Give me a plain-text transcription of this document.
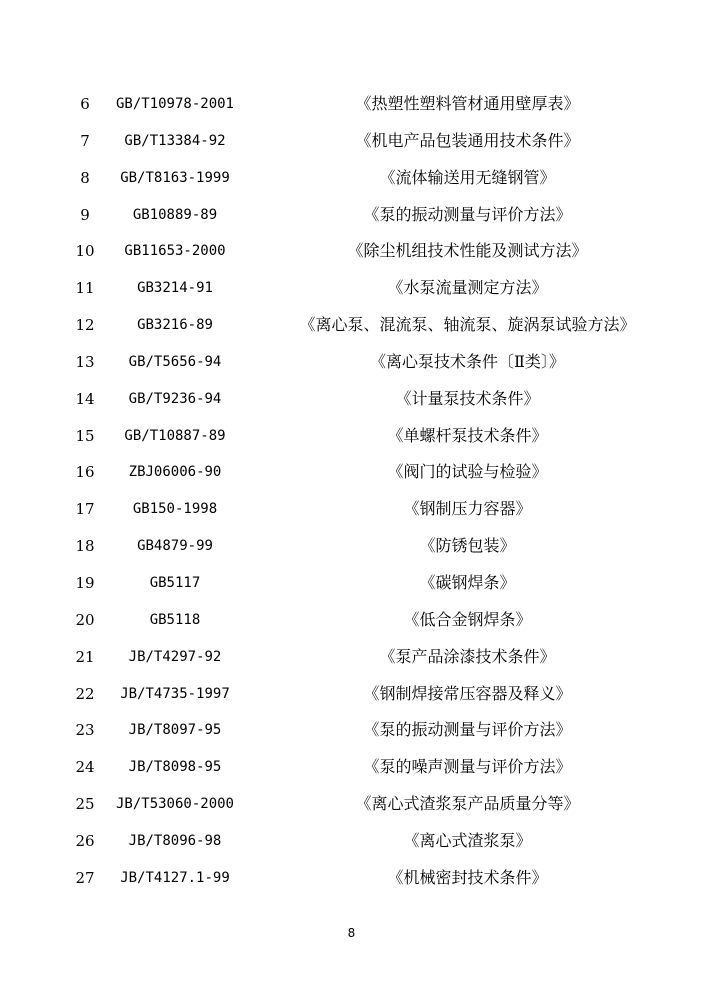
6	GB/T10978-2001	《热塑性塑料管材通用壁厚表》
7	GB/T13384-92	《机电产品包装通用技术条件》
8	GB/T8163-1999	《流体输送用无缝钢管》
9	GB10889-89	《泵的振动测量与评价方法》
10	GB11653-2000	《除尘机组技术性能及测试方法》
11	GB3214-91	《水泵流量测定方法》
12	GB3216-89	《离心泵、混流泵、轴流泵、旋涡泵试验方法》
13	GB/T5656-94	《离心泵技术条件〔Ⅱ类〕》
14	GB/T9236-94	《计量泵技术条件》
15	GB/T10887-89	《单螺杆泵技术条件》
16	ZBJ06006-90	《阀门的试验与检验》
17	GB150-1998	《钢制压力容器》
18	GB4879-99	《防锈包装》
19	GB5117	《碳钢焊条》
20	GB5118	《低合金钢焊条》
21	JB/T4297-92	《泵产品涂漆技术条件》
22	JB/T4735-1997	《钢制焊接常压容器及释义》
23	JB/T8097-95	《泵的振动测量与评价方法》
24	JB/T8098-95	《泵的噪声测量与评价方法》
25	JB/T53060-2000	《离心式渣浆泵产品质量分等》
26	JB/T8096-98	《离心式渣浆泵》
27	JB/T4127.1-99	《机械密封技术条件》
8
